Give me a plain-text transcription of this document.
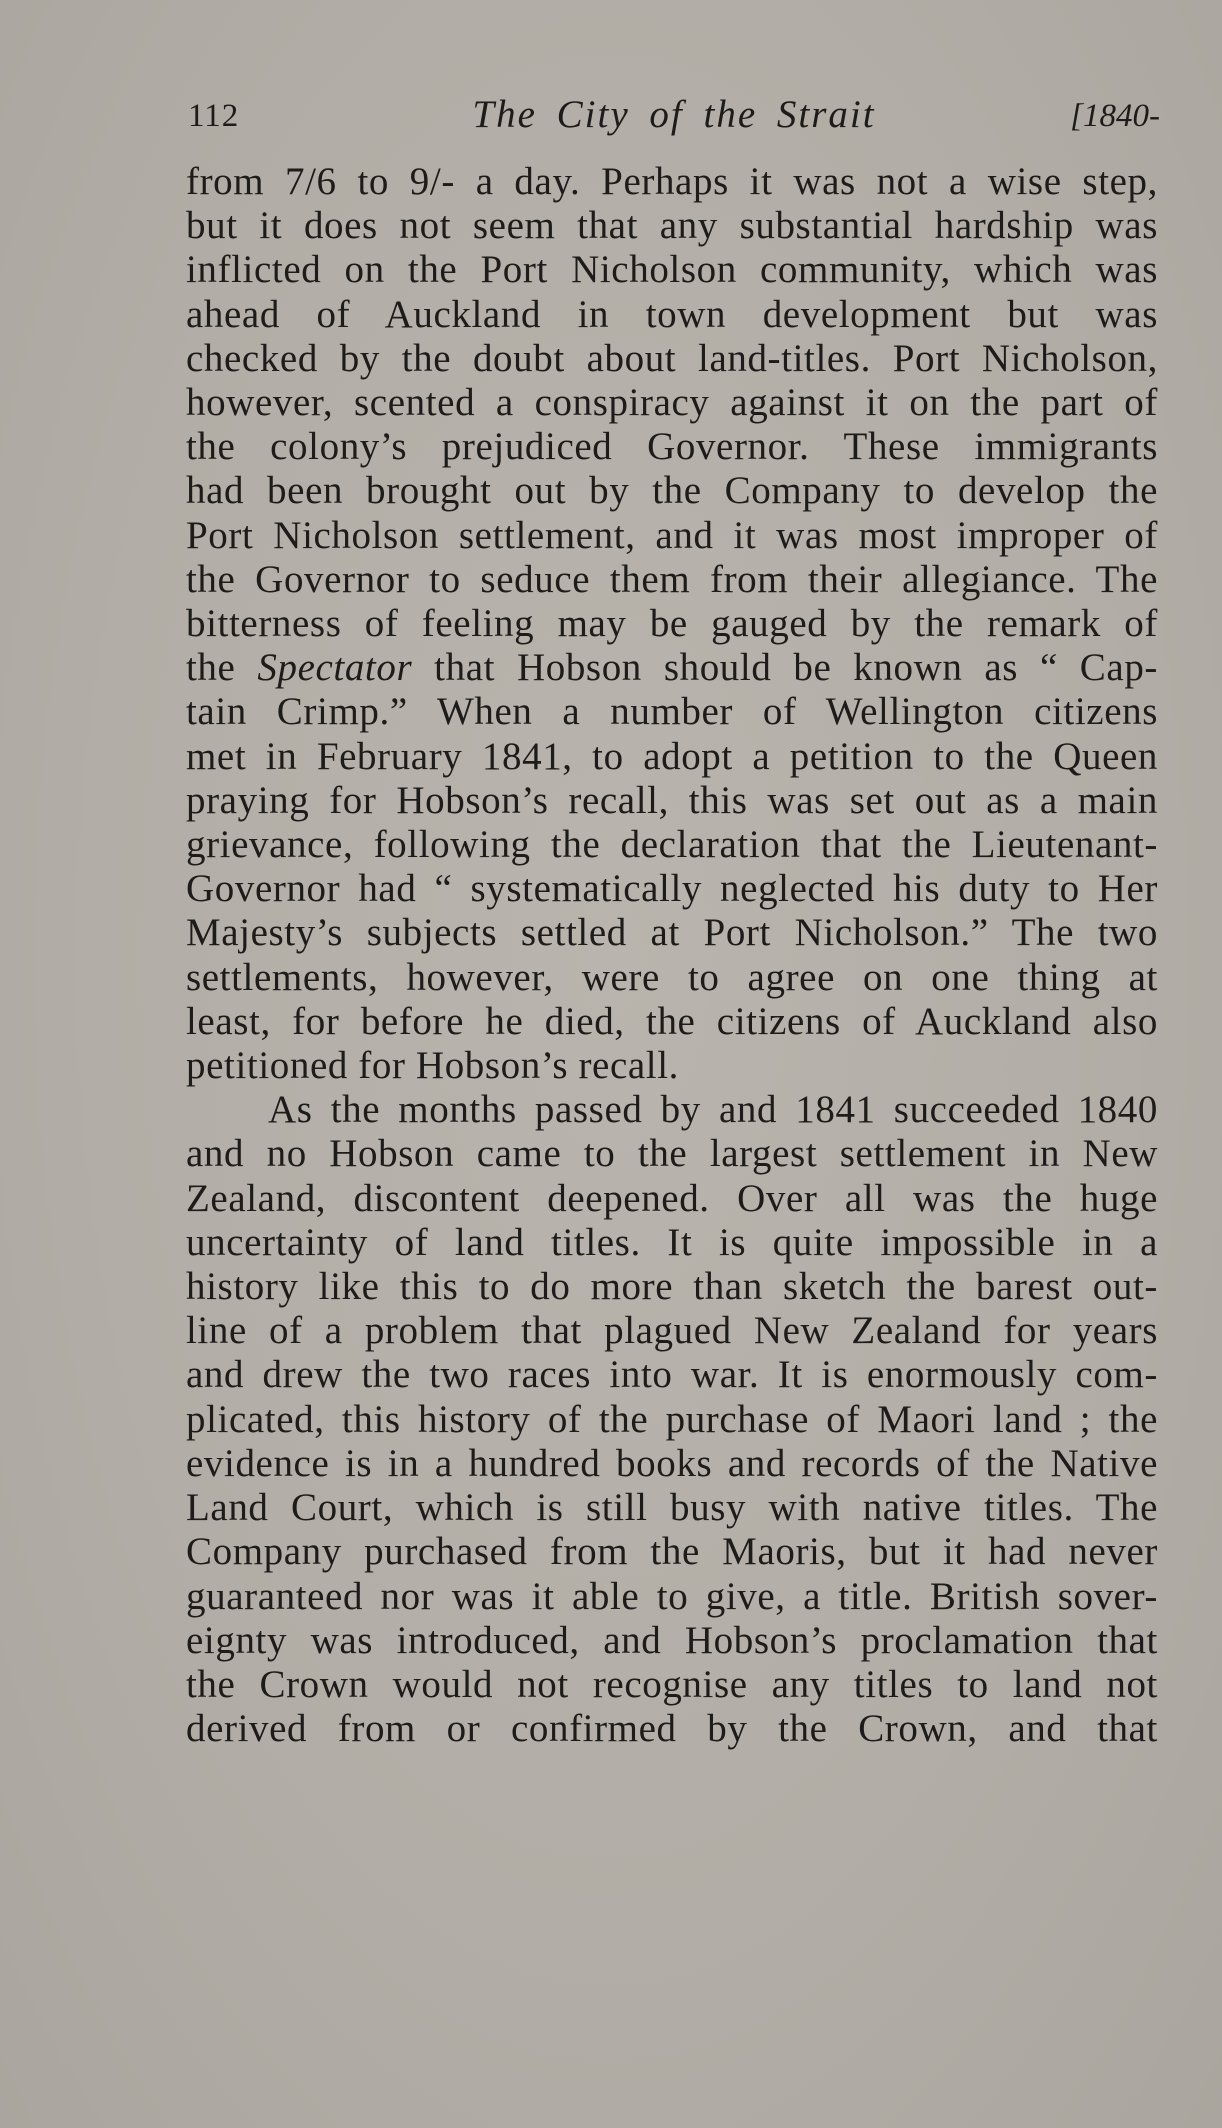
112	The City of the Strait	[1840-

from 7/6 to 9/- a day. Perhaps it was not a wise step,
but it does not seem that any substantial hardship was
inflicted on the Port Nicholson community, which was
ahead of Auckland in town development but was
checked by the doubt about land-titles. Port Nicholson,
however, scented a conspiracy against it on the part of
the colony’s prejudiced Governor. These immigrants
had been brought out by the Company to develop the
Port Nicholson settlement, and it was most improper of
the Governor to seduce them from their allegiance. The
bitterness of feeling may be gauged by the remark of
the Spectator that Hobson should be known as “ Cap-
tain Crimp.” When a number of Wellington citizens
met in February 1841, to adopt a petition to the Queen
praying for Hobson’s recall, this was set out as a main
grievance, following the declaration that the Lieutenant-
Governor had “ systematically neglected his duty to Her
Majesty’s subjects settled at Port Nicholson.” The two
settlements, however, were to agree on one thing at
least, for before he died, the citizens of Auckland also
petitioned for Hobson’s recall.

As the months passed by and 1841 succeeded 1840
and no Hobson came to the largest settlement in New
Zealand, discontent deepened. Over all was the huge
uncertainty of land titles. It is quite impossible in a
history like this to do more than sketch the barest out-
line of a problem that plagued New Zealand for years
and drew the two races into war. It is enormously com-
plicated, this history of the purchase of Maori land ; the
evidence is in a hundred books and records of the Native
Land Court, which is still busy with native titles. The
Company purchased from the Maoris, but it had never
guaranteed nor was it able to give, a title. British sover-
eignty was introduced, and Hobson’s proclamation that
the Crown would not recognise any titles to land not
derived from or confirmed by the Crown, and that
